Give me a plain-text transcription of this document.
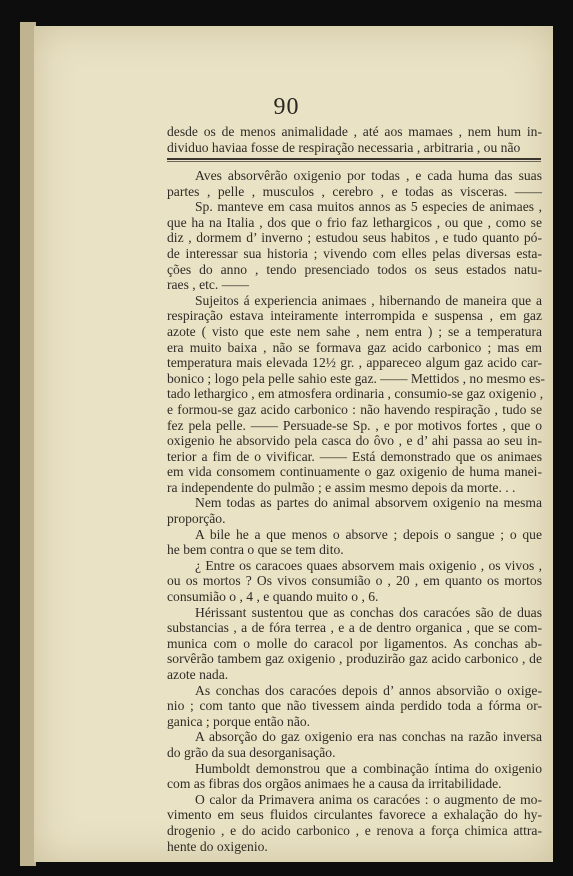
90
desde os de menos animalidade , até aos mamaes , nem hum in-
dividuo haviaa fosse de respiração necessaria , arbitraria , ou não
Aves absorvêrão oxigenio por todas , e cada huma das suas
partes , pelle , musculos , cerebro , e todas as visceras. ——
Sp. manteve em casa muitos annos as 5 especies de animaes ,
que ha na Italia , dos que o frio faz lethargicos , ou que , como se
diz , dormem d’ inverno ; estudou seus habitos , e tudo quanto pó-
de interessar sua historia ; vivendo com elles pelas diversas esta-
ções do anno , tendo presenciado todos os seus estados natu-
raes , etc. ——
Sujeitos á experiencia animaes , hibernando de maneira que a
respiração estava inteiramente interrompida e suspensa , em gaz
azote ( visto que este nem sahe , nem entra ) ; se a temperatura
era muito baixa , não se formava gaz acido carbonico ; mas em
temperatura mais elevada 12½ gr. , appareceo algum gaz acido car-
bonico ; logo pela pelle sahio este gaz. —— Mettidos , no mesmo es-
tado lethargico , em atmosfera ordinaria , consumio-se gaz oxigenio ,
e formou-se gaz acido carbonico : não havendo respiração , tudo se
fez pela pelle. —— Persuade-se Sp. , e por motivos fortes , que o
oxigenio he absorvido pela casca do ôvo , e d’ ahi passa ao seu in-
terior a fim de o vivificar. —— Está demonstrado que os animaes
em vida consomem continuamente o gaz oxigenio de huma manei-
ra independente do pulmão ; e assim mesmo depois da morte. . .
Nem todas as partes do animal absorvem oxigenio na mesma
proporção.
A bile he a que menos o absorve ; depois o sangue ; o que
he bem contra o que se tem dito.
¿ Entre os caracoes quaes absorvem mais oxigenio , os vivos ,
ou os mortos ? Os vivos consumião o , 20 , em quanto os mortos
consumião o , 4 , e quando muito o , 6.
Hérissant sustentou que as conchas dos caracóes são de duas
substancias , a de fóra terrea , e a de dentro organica , que se com-
munica com o molle do caracol por ligamentos. As conchas ab-
sorvêrão tambem gaz oxigenio , produzirão gaz acido carbonico , de
azote nada.
As conchas dos caracóes depois d’ annos absorvião o oxige-
nio ; com tanto que não tivessem ainda perdido toda a fórma or-
ganica ; porque então não.
A absorção do gaz oxigenio era nas conchas na razão inversa
do grão da sua desorganisação.
Humboldt demonstrou que a combinação íntima do oxigenio
com as fibras dos orgãos animaes he a causa da irritabilidade.
O calor da Primavera anima os caracóes : o augmento de mo-
vimento em seus fluidos circulantes favorece a exhalação do hy-
drogenio , e do acido carbonico , e renova a força chimica attra-
hente do oxigenio.
